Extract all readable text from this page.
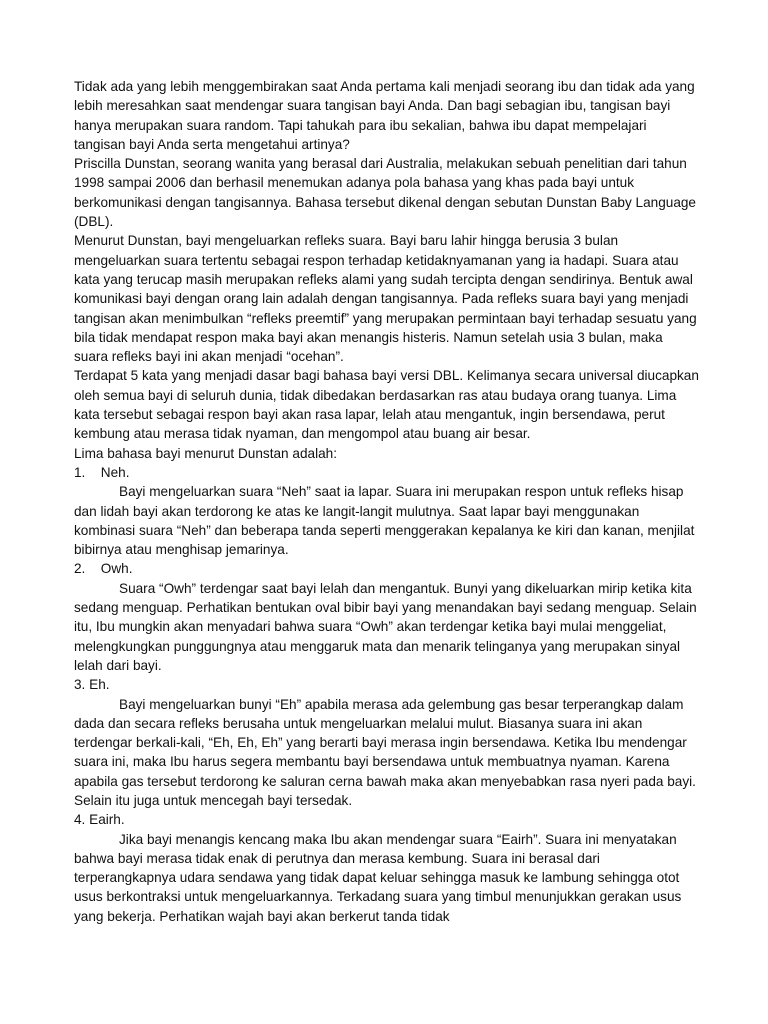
Tidak ada yang lebih menggembirakan saat Anda pertama kali menjadi seorang ibu dan tidak ada yang lebih meresahkan saat mendengar suara tangisan bayi Anda. Dan bagi sebagian ibu, tangisan bayi hanya merupakan suara random. Tapi tahukah para ibu sekalian, bahwa ibu dapat mempelajari tangisan bayi Anda serta mengetahui artinya?

Priscilla Dunstan, seorang wanita yang berasal dari Australia, melakukan sebuah penelitian dari tahun 1998 sampai 2006 dan berhasil menemukan adanya pola bahasa yang khas pada bayi untuk berkomunikasi dengan tangisannya. Bahasa tersebut dikenal dengan sebutan Dunstan Baby Language (DBL).

Menurut Dunstan, bayi mengeluarkan refleks suara. Bayi baru lahir hingga berusia 3 bulan mengeluarkan suara tertentu sebagai respon terhadap ketidaknyamanan yang ia hadapi. Suara atau kata yang terucap masih merupakan refleks alami yang sudah tercipta dengan sendirinya. Bentuk awal komunikasi bayi dengan orang lain adalah dengan tangisannya. Pada refleks suara bayi yang menjadi tangisan akan menimbulkan “refleks preemtif” yang merupakan permintaan bayi terhadap sesuatu yang bila tidak mendapat respon maka bayi akan menangis histeris. Namun setelah usia 3 bulan, maka suara refleks bayi ini akan menjadi “ocehan”.

Terdapat 5 kata yang menjadi dasar bagi bahasa bayi versi DBL. Kelimanya secara universal diucapkan oleh semua bayi di seluruh dunia, tidak dibedakan berdasarkan ras atau budaya orang tuanya. Lima kata tersebut sebagai respon bayi akan rasa lapar, lelah atau mengantuk, ingin bersendawa, perut kembung atau merasa tidak nyaman, dan mengompol atau buang air besar.

Lima bahasa bayi menurut Dunstan adalah:

1. Neh.

Bayi mengeluarkan suara “Neh” saat ia lapar. Suara ini merupakan respon untuk refleks hisap dan lidah bayi akan terdorong ke atas ke langit-langit mulutnya. Saat lapar bayi menggunakan kombinasi suara “Neh” dan beberapa tanda seperti menggerakan kepalanya ke kiri dan kanan, menjilat bibirnya atau menghisap jemarinya.

2. Owh.

Suara “Owh” terdengar saat bayi lelah dan mengantuk. Bunyi yang dikeluarkan mirip ketika kita sedang menguap. Perhatikan bentukan oval bibir bayi yang menandakan bayi sedang menguap. Selain itu, Ibu mungkin akan menyadari bahwa suara “Owh” akan terdengar ketika bayi mulai menggeliat, melengkungkan punggungnya atau menggaruk mata dan menarik telinganya yang merupakan sinyal lelah dari bayi.

3. Eh.

Bayi mengeluarkan bunyi “Eh” apabila merasa ada gelembung gas besar terperangkap dalam dada dan secara refleks berusaha untuk mengeluarkan melalui mulut. Biasanya suara ini akan terdengar berkali-kali, “Eh, Eh, Eh” yang berarti bayi merasa ingin bersendawa. Ketika Ibu mendengar suara ini, maka Ibu harus segera membantu bayi bersendawa untuk membuatnya nyaman. Karena apabila gas tersebut terdorong ke saluran cerna bawah maka akan menyebabkan rasa nyeri pada bayi. Selain itu juga untuk mencegah bayi tersedak.

4. Eairh.

Jika bayi menangis kencang maka Ibu akan mendengar suara “Eairh”. Suara ini menyatakan bahwa bayi merasa tidak enak di perutnya dan merasa kembung. Suara ini berasal dari terperangkapnya udara sendawa yang tidak dapat keluar sehingga masuk ke lambung sehingga otot usus berkontraksi untuk mengeluarkannya. Terkadang suara yang timbul menunjukkan gerakan usus yang bekerja. Perhatikan wajah bayi akan berkerut tanda tidak
